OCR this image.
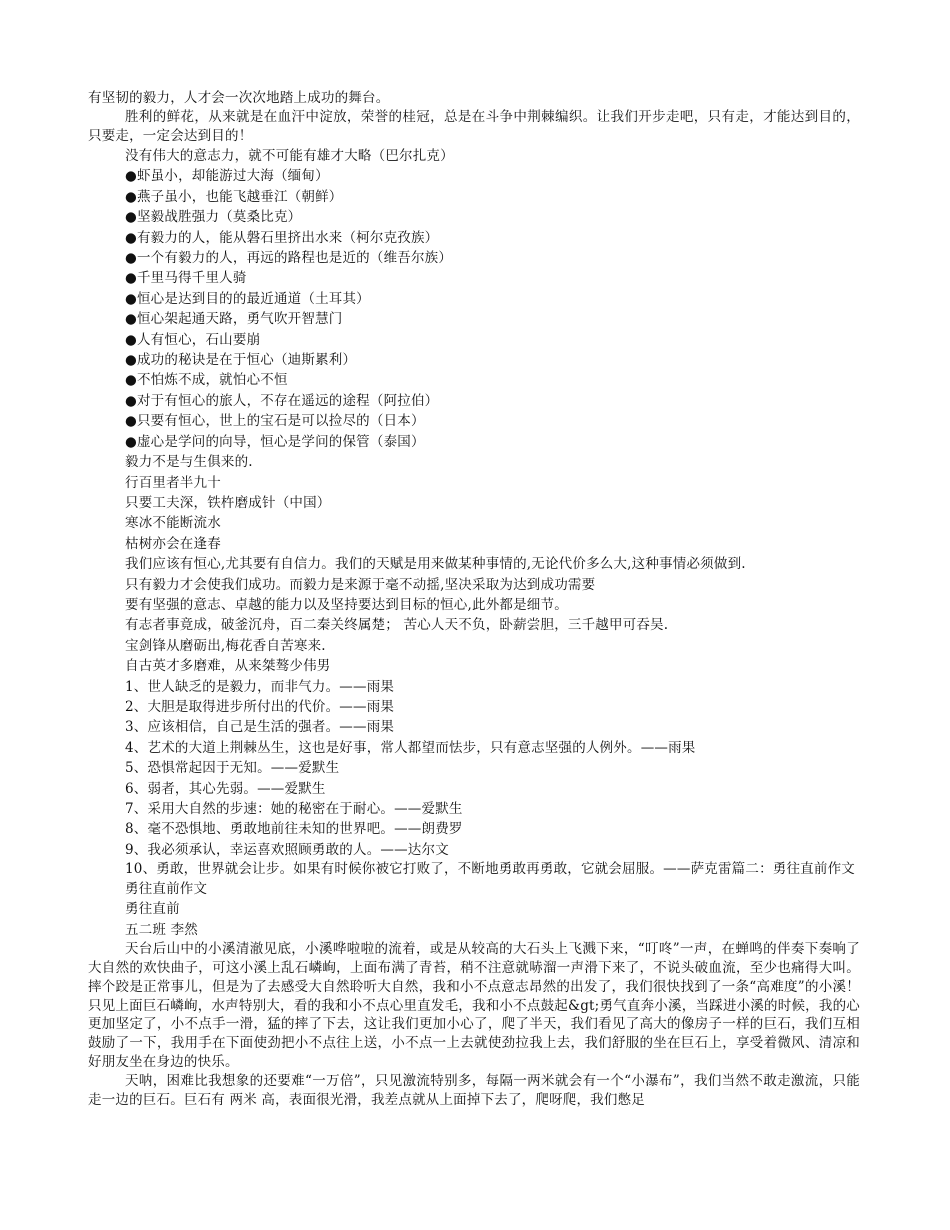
有坚韧的毅力，人才会一次次地踏上成功的舞台。
胜利的鲜花，从来就是在血汗中淀放，荣誉的桂冠，总是在斗争中荆棘编织。让我们开步走吧，只有走，才能达到目的，只要走，一定会达到目的！
没有伟大的意志力，就不可能有雄才大略（巴尔扎克）
●虾虽小，却能游过大海（缅甸）
●燕子虽小，也能飞越垂江（朝鲜）
●坚毅战胜强力（莫桑比克）
●有毅力的人，能从磐石里挤出水来（柯尔克孜族）
●一个有毅力的人，再远的路程也是近的（维吾尔族）
●千里马得千里人骑
●恒心是达到目的的最近通道（土耳其）
●恒心架起通天路，勇气吹开智慧门
●人有恒心，石山要崩
●成功的秘诀是在于恒心（迪斯累利）
●不怕炼不成，就怕心不恒
●对于有恒心的旅人，不存在遥远的途程（阿拉伯）
●只要有恒心，世上的宝石是可以捡尽的（日本）
●虚心是学问的向导，恒心是学问的保管（泰国）
毅力不是与生俱来的.
行百里者半九十
只要工夫深，铁杵磨成针（中国）
寒冰不能断流水
枯树亦会在逢春
我们应该有恒心,尤其要有自信力。我们的天赋是用来做某种事情的,无论代价多么大,这种事情必须做到.
只有毅力才会使我们成功。而毅力是来源于毫不动摇,坚决采取为达到成功需要
要有坚强的意志、卓越的能力以及坚持要达到目标的恒心,此外都是细节。
有志者事竟成，破釜沉舟，百二秦关终属楚； 苦心人天不负，卧薪尝胆，三千越甲可吞吴.
宝剑锋从磨砺出,梅花香自苦寒来.
自古英才多磨难，从来桀骜少伟男
1、世人缺乏的是毅力，而非气力。——雨果
2、大胆是取得进步所付出的代价。——雨果
3、应该相信，自己是生活的强者。——雨果
4、艺术的大道上荆棘丛生，这也是好事，常人都望而怯步，只有意志坚强的人例外。——雨果
5、恐惧常起因于无知。——爱默生
6、弱者，其心先弱。——爱默生
7、采用大自然的步速：她的秘密在于耐心。——爱默生
8、毫不恐惧地、勇敢地前往未知的世界吧。——朗费罗
9、我必须承认，幸运喜欢照顾勇敢的人。——达尔文
10、勇敢，世界就会让步。如果有时候你被它打败了，不断地勇敢再勇敢，它就会屈服。——萨克雷篇二：勇往直前作文
勇往直前作文
勇往直前
五二班 李然
天台后山中的小溪清澈见底，小溪哗啦啦的流着，或是从较高的大石头上飞溅下来，“叮咚”一声，在蝉鸣的伴奏下奏响了大自然的欢快曲子，可这小溪上乱石嶙峋，上面布满了青苔，稍不注意就哧溜一声滑下来了，不说头破血流，至少也痛得大叫。摔个跤是正常事儿，但是为了去感受大自然聆听大自然，我和小不点意志昂然的出发了，我们很快找到了一条“高难度”的小溪！只见上面巨石嶙峋，水声特别大，看的我和小不点心里直发毛，我和小不点鼓起&gt;勇气直奔小溪，当踩进小溪的时候，我的心更加坚定了，小不点手一滑，猛的摔了下去，这让我们更加小心了，爬了半天，我们看见了高大的像房子一样的巨石，我们互相鼓励了一下，我用手在下面使劲把小不点往上送，小不点一上去就使劲拉我上去，我们舒服的坐在巨石上，享受着微风、清凉和好朋友坐在身边的快乐。
天呐，困难比我想象的还要难“一万倍”，只见激流特别多，每隔一两米就会有一个“小瀑布”，我们当然不敢走激流，只能走一边的巨石。巨石有 两米 高，表面很光滑，我差点就从上面掉下去了，爬呀爬，我们憋足
